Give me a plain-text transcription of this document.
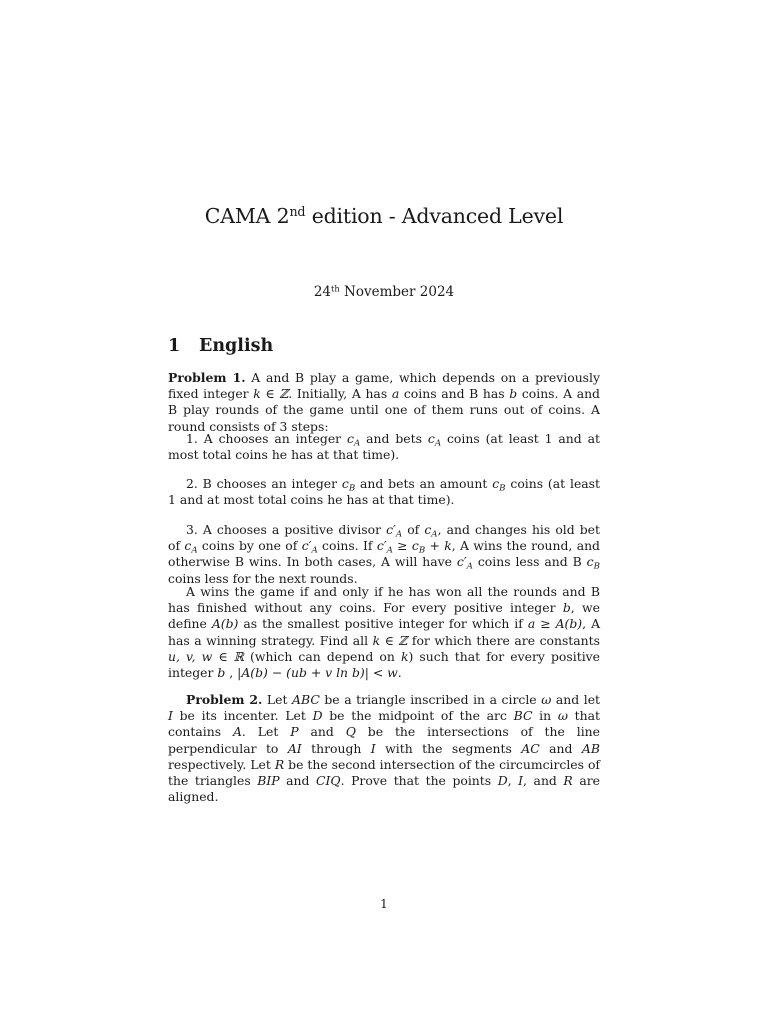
CAMA 2nd edition - Advanced Level
24th November 2024
1 English
Problem 1. A and B play a game, which depends on a previously fixed integer k ∈ ℤ. Initially, A has a coins and B has b coins. A and B play rounds of the game until one of them runs out of coins. A round consists of 3 steps:
1. A chooses an integer $c_A$ and bets $c_A$ coins (at least 1 and at most total coins he has at that time).
2. B chooses an integer $c_B$ and bets an amount $c_B$ coins (at least 1 and at most total coins he has at that time).
3. A chooses a positive divisor $c'_A$ of $c_A$, and changes his old bet of $c_A$ coins by one of $c'_A$ coins. If $c'_A \ge c_B + k$, A wins the round, and otherwise B wins. In both cases, A will have $c'_A$ coins less and B $c_B$ coins less for the next rounds.
A wins the game if and only if he has won all the rounds and B has finished without any coins. For every positive integer b, we define A(b) as the smallest positive integer for which if a ≥ A(b), A has a winning strategy. Find all k ∈ ℤ for which there are constants u, v, w ∈ ℝ (which can depend on k) such that for every positive integer b , |A(b) − (ub + v ln b)| < w.
Problem 2. Let ABC be a triangle inscribed in a circle ω and let I be its incenter. Let D be the midpoint of the arc BC in ω that contains A. Let P and Q be the intersections of the line perpendicular to AI through I with the segments AC and AB respectively. Let R be the second intersection of the circumcircles of the triangles BIP and CIQ. Prove that the points D, I, and R are aligned.
1
